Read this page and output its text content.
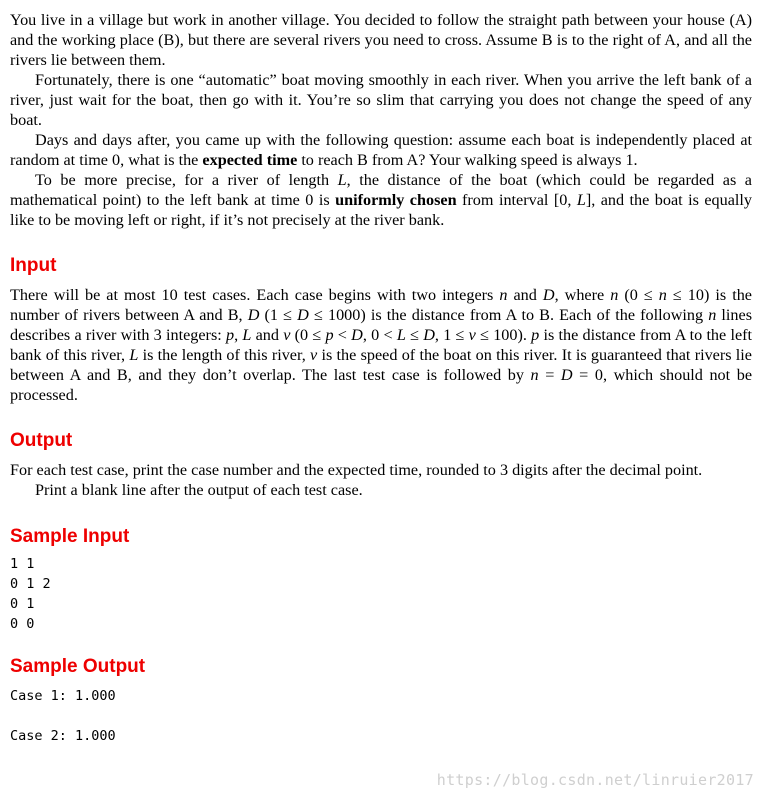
You live in a village but work in another village. You decided to follow the straight path between your house (A) and the working place (B), but there are several rivers you need to cross. Assume B is to the right of A, and all the rivers lie between them.

Fortunately, there is one “automatic” boat moving smoothly in each river. When you arrive the left bank of a river, just wait for the boat, then go with it. You’re so slim that carrying you does not change the speed of any boat.

Days and days after, you came up with the following question: assume each boat is independently placed at random at time 0, what is the expected time to reach B from A? Your walking speed is always 1.

To be more precise, for a river of length L, the distance of the boat (which could be regarded as a mathematical point) to the left bank at time 0 is uniformly chosen from interval [0, L], and the boat is equally like to be moving left or right, if it’s not precisely at the river bank.

Input

There will be at most 10 test cases. Each case begins with two integers n and D, where n (0 ≤ n ≤ 10) is the number of rivers between A and B, D (1 ≤ D ≤ 1000) is the distance from A to B. Each of the following n lines describes a river with 3 integers: p, L and v (0 ≤ p < D, 0 < L ≤ D, 1 ≤ v ≤ 100). p is the distance from A to the left bank of this river, L is the length of this river, v is the speed of the boat on this river. It is guaranteed that rivers lie between A and B, and they don’t overlap. The last test case is followed by n = D = 0, which should not be processed.

Output

For each test case, print the case number and the expected time, rounded to 3 digits after the decimal point.

Print a blank line after the output of each test case.

Sample Input

1 1

0 1 2

0 1

0 0

Sample Output

Case 1: 1.000

Case 2: 1.000

https://blog.csdn.net/linruier2017
